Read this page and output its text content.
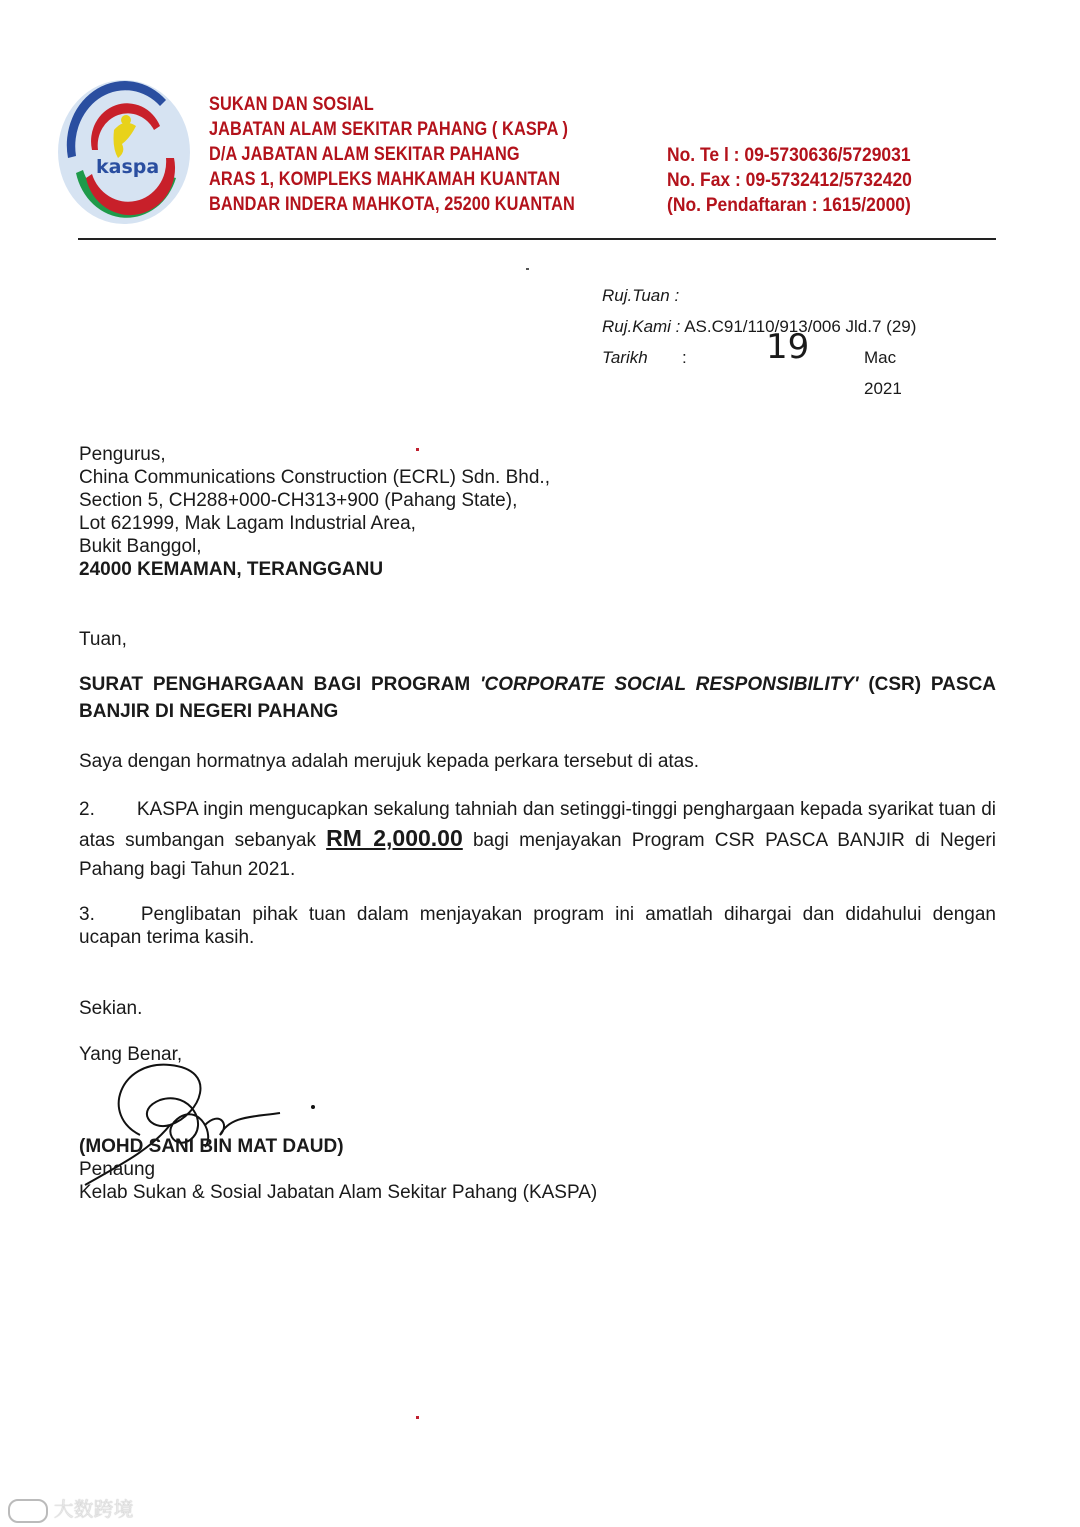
kaspa
SUKAN DAN SOSIAL
JABATAN ALAM SEKITAR PAHANG ( KASPA )
D/A JABATAN ALAM SEKITAR PAHANG
ARAS 1, KOMPLEKS MAHKAMAH KUANTAN
BANDAR INDERA MAHKOTA, 25200 KUANTAN
No. Te l : 09-5730636/5729031
No. Fax : 09-5732412/5732420
(No. Pendaftaran : 1615/2000)
Ruj.Tuan :
Ruj.Kami : AS.C91/110/913/006 Jld.7 (29)
Tarikh : 19	Mac 2021
Pengurus,
China Communications Construction (ECRL) Sdn. Bhd.,
Section 5, CH288+000-CH313+900 (Pahang State),
Lot 621999, Mak Lagam Industrial Area,
Bukit Banggol,
24000 KEMAMAN, TERANGGANU
Tuan,
SURAT PENGHARGAAN BAGI PROGRAM 'CORPORATE SOCIAL RESPONSIBILITY' (CSR) PASCA BANJIR DI NEGERI PAHANG
Saya dengan hormatnya adalah merujuk kepada perkara tersebut di atas.
2. KASPA ingin mengucapkan sekalung tahniah dan setinggi-tinggi penghargaan kepada syarikat tuan di atas sumbangan sebanyak RM 2,000.00 bagi menjayakan Program CSR PASCA BANJIR di Negeri Pahang bagi Tahun 2021.
3. Penglibatan pihak tuan dalam menjayakan program ini amatlah dihargai dan didahului dengan ucapan terima kasih.
Sekian.
Yang Benar,
(MOHD SANI BIN MAT DAUD)
Penaung
Kelab Sukan & Sosial Jabatan Alam Sekitar Pahang (KASPA)
大数跨境
